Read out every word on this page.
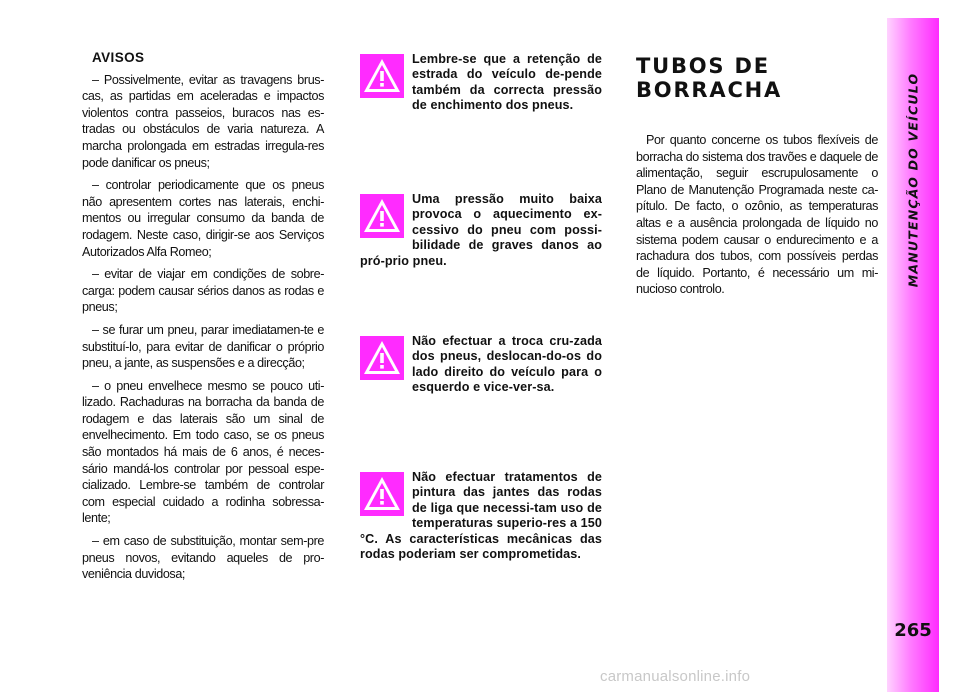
AVISOS

– Possivelmente, evitar as travagens brus-cas, as partidas em aceleradas e impactos violentos contra passeios, buracos nas es-tradas ou obstáculos de varia natureza. A marcha prolongada em estradas irregula-res pode danificar os pneus;

– controlar periodicamente que os pneus não apresentem cortes nas laterais, enchi-mentos ou irregular consumo da banda de rodagem. Neste caso, dirigir-se aos Serviços Autorizados Alfa Romeo;

– evitar de viajar em condições de sobre-carga: podem causar sérios danos as rodas e pneus;

– se furar um pneu, parar imediatamen-te e substituí-lo, para evitar de danificar o próprio pneu, a jante, as suspensões e a direcção;

– o pneu envelhece mesmo se pouco uti-lizado. Rachaduras na borracha da banda de rodagem e das laterais são um sinal de envelhecimento. Em todo caso, se os pneus são montados há mais de 6 anos, é neces-sário mandá-los controlar por pessoal espe-cializado. Lembre-se também de controlar com especial cuidado a rodinha sobressa-lente;

– em caso de substituição, montar sem-pre pneus novos, evitando aqueles de pro-veniência duvidosa;

Lembre-se que a retenção de estrada do veículo de-pende também da correcta pressão de enchimento dos pneus.

Uma pressão muito baixa provoca o aquecimento ex-cessivo do pneu com possi-bilidade de graves danos ao pró-prio pneu.

Não efectuar a troca cru-zada dos pneus, deslocan-do-os do lado direito do veículo para o esquerdo e vice-ver-sa.

Não efectuar tratamentos de pintura das jantes das rodas de liga que necessi-tam uso de temperaturas superio-res a 150 °C. As características mecânicas das rodas poderiam ser comprometidas.

TUBOS DE BORRACHA

Por quanto concerne os tubos flexíveis de borracha do sistema dos travões e daquele de alimentação, seguir escrupulosamente o Plano de Manutenção Programada neste ca-pítulo. De facto, o ozônio, as temperaturas altas e a ausência prolongada de líquido no sistema podem causar o endurecimento e a rachadura dos tubos, com possíveis perdas de líquido. Portanto, é necessário um mi-nucioso controlo.

MANUTENÇÃO DO VEÍCULO
265
carmanualsonline.info
